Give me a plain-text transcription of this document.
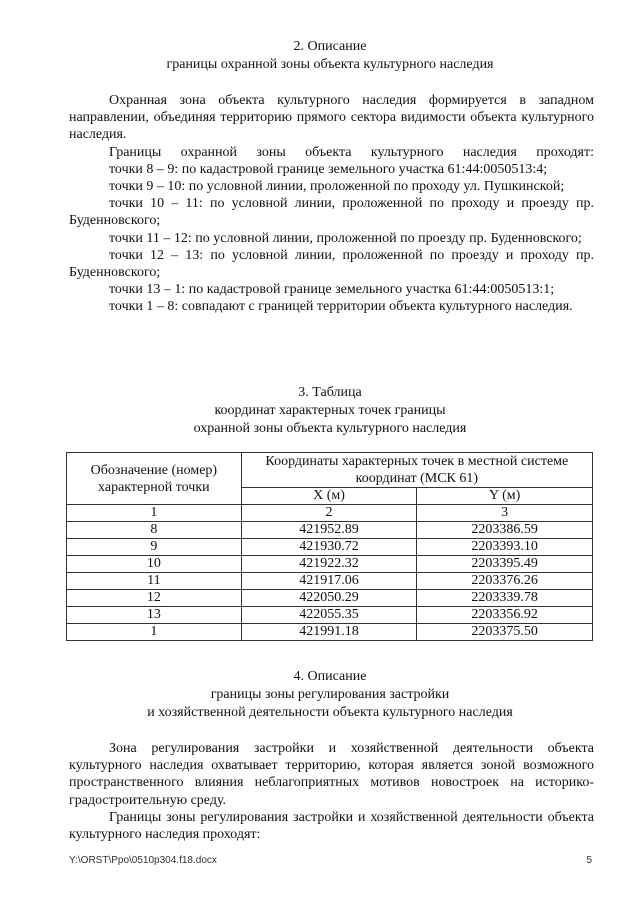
2. Описание
границы охранной зоны объекта культурного наследия

Охранная зона объекта культурного наследия формируется в западном направлении, объединяя территорию прямого сектора видимости объекта культурного наследия.

Границы охранной зоны объекта культурного наследия проходят:

точки 8 – 9: по кадастровой границе земельного участка 61:44:0050513:4;

точки 9 – 10: по условной линии, проложенной по проходу ул. Пушкинской;

точки 10 – 11: по условной линии, проложенной по проходу и проезду пр. Буденновского;

точки 11 – 12: по условной линии, проложенной по проезду пр. Буденновского;

точки 12 – 13: по условной линии, проложенной по проезду и проходу пр. Буденновского;

точки 13 – 1: по кадастровой границе земельного участка 61:44:0050513:1;

точки 1 – 8: совпадают с границей территории объекта культурного наследия.

3. Таблица
координат характерных точек границы
охранной зоны объекта культурного наследия
Обозначение (номер) характерной точки	Координаты характерных точек в местной системе координат (МСК 61)	
	X (м)	Y (м)
1	2	3
8	421952.89	2203386.59
9	421930.72	2203393.10
10	421922.32	2203395.49
11	421917.06	2203376.26
12	422050.29	2203339.78
13	422055.35	2203356.92
1	421991.18	2203375.50
4. Описание
границы зоны регулирования застройки
и хозяйственной деятельности объекта культурного наследия

Зона регулирования застройки и хозяйственной деятельности объекта культурного наследия охватывает территорию, которая является зоной возможного пространственного влияния неблагоприятных мотивов новостроек на историко-градостроительную среду.

Границы зоны регулирования застройки и хозяйственной деятельности объекта культурного наследия проходят:

Y:\ORST\Ppo\0510p304.f18.docx	5
